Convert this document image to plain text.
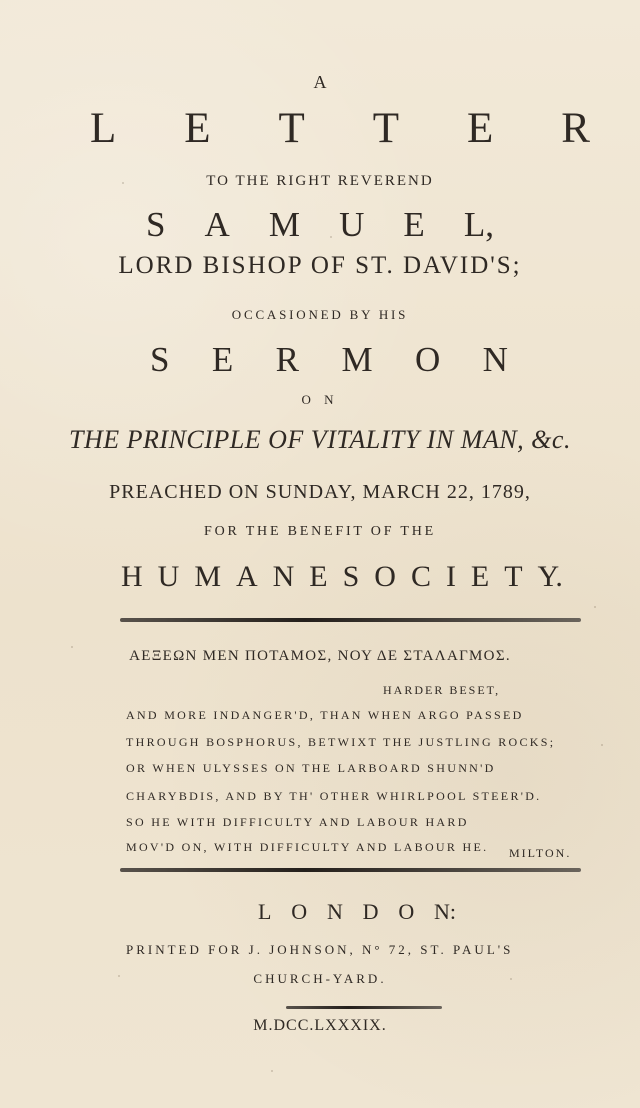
A
L E T T E R
TO THE RIGHT REVEREND
S A M U E L,
LORD BISHOP OF ST. DAVID'S;
OCCASIONED BY HIS
S E R M O N
O N
THE PRINCIPLE OF VITALITY IN MAN, &c.
PREACHED ON SUNDAY, MARCH 22, 1789,
FOR THE BENEFIT OF THE
H U M A N E S O C I E T Y.
ΑΕΞΕΩΝ ΜΕΝ ΠΟΤΑΜΟΣ, ΝΟΥ ΔΕ ΣΤΑΛΑΓΜΟΣ.
HARDER BESET,
AND MORE INDANGER'D, THAN WHEN ARGO PASSED
THROUGH BOSPHORUS, BETWIXT THE JUSTLING ROCKS;
OR WHEN ULYSSES ON THE LARBOARD SHUNN'D
CHARYBDIS, AND BY TH' OTHER WHIRLPOOL STEER'D.
SO HE WITH DIFFICULTY AND LABOUR HARD
MOV'D ON, WITH DIFFICULTY AND LABOUR HE.	MILTON.
L O N D O N:
PRINTED FOR J. JOHNSON, N° 72, ST. PAUL'S
CHURCH-YARD.
M.DCC.LXXXIX.
